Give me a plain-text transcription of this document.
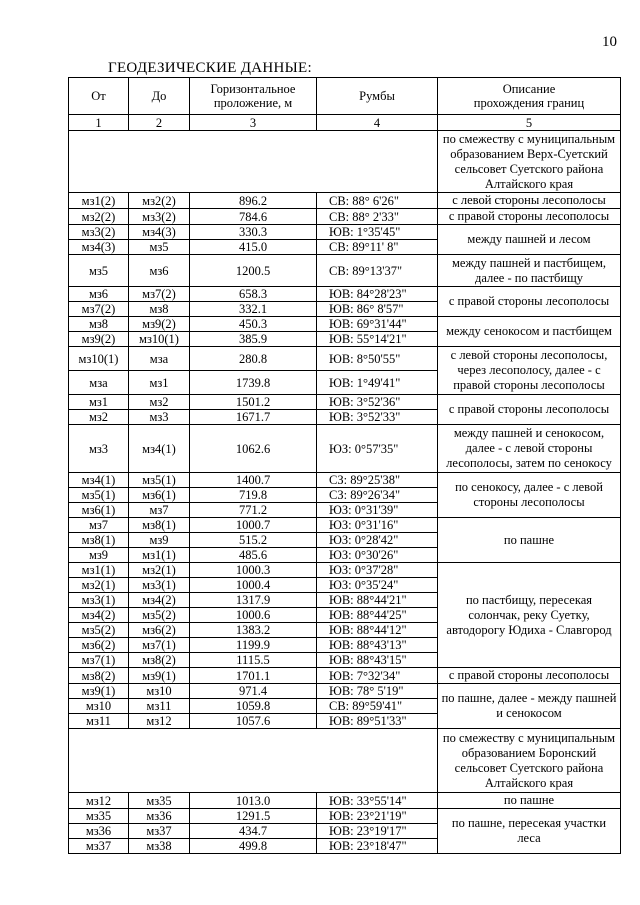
10
ГЕОДЕЗИЧЕСКИЕ ДАННЫЕ:
От	До	Горизонтальное проложение, м	Румбы	Описание
прохождения границ
1	2	3	4	5
				по смежеству с муниципальным образованием Верх-Суетский сельсовет Суетского района Алтайского края
мз1(2)	мз2(2)	896.2	СВ: 88° 6'26"	с левой стороны лесополосы
мз2(2)	мз3(2)	784.6	СВ: 88° 2'33"	с правой стороны лесополосы
мз3(2)	мз4(3)	330.3	ЮВ: 1°35'45"	между пашней и лесом
мз4(3)	мз5	415.0	СВ: 89°11' 8"	
мз5	мз6	1200.5	СВ: 89°13'37"	между пашней и пастбищем, далее - по пастбищу
мз6	мз7(2)	658.3	ЮВ: 84°28'23"	с правой стороны лесополосы
мз7(2)	мз8	332.1	ЮВ: 86° 8'57"	
мз8	мз9(2)	450.3	ЮВ: 69°31'44"	между сенокосом и пастбищем
мз9(2)	мз10(1)	385.9	ЮВ: 55°14'21"	
мз10(1)	мза	280.8	ЮВ: 8°50'55"	с левой стороны лесополосы, через лесополосу, далее - с правой стороны лесополосы
мза	мз1	1739.8	ЮВ: 1°49'41"	
мз1	мз2	1501.2	ЮВ: 3°52'36"	с правой стороны лесополосы
мз2	мз3	1671.7	ЮВ: 3°52'33"	
мз3	мз4(1)	1062.6	ЮЗ: 0°57'35"	между пашней и сенокосом, далее - с левой стороны лесополосы, затем по сенокосу
мз4(1)	мз5(1)	1400.7	СЗ: 89°25'38"	по сенокосу, далее - с левой стороны лесополосы
мз5(1)	мз6(1)	719.8	СЗ: 89°26'34"	
мз6(1)	мз7	771.2	ЮЗ: 0°31'39"	
мз7	мз8(1)	1000.7	ЮЗ: 0°31'16"	по пашне
мз8(1)	мз9	515.2	ЮЗ: 0°28'42"	
мз9	мз1(1)	485.6	ЮЗ: 0°30'26"	
мз1(1)	мз2(1)	1000.3	ЮЗ: 0°37'28"	по пастбищу, пересекая солончак, реку Суетку, автодорогу Юдиха - Славгород
мз2(1)	мз3(1)	1000.4	ЮЗ: 0°35'24"	
мз3(1)	мз4(2)	1317.9	ЮВ: 88°44'21"	
мз4(2)	мз5(2)	1000.6	ЮВ: 88°44'25"	
мз5(2)	мз6(2)	1383.2	ЮВ: 88°44'12"	
мз6(2)	мз7(1)	1199.9	ЮВ: 88°43'13"	
мз7(1)	мз8(2)	1115.5	ЮВ: 88°43'15"	
мз8(2)	мз9(1)	1701.1	ЮВ: 7°32'34"	с правой стороны лесополосы
мз9(1)	мз10	971.4	ЮВ: 78° 5'19"	по пашне, далее - между пашней и сенокосом
мз10	мз11	1059.8	СВ: 89°59'41"	
мз11	мз12	1057.6	ЮВ: 89°51'33"	
				по смежеству с муниципальным образованием Боронский сельсовет Суетского района Алтайского края
мз12	мз35	1013.0	ЮВ: 33°55'14"	по пашне
мз35	мз36	1291.5	ЮВ: 23°21'19"	по пашне, пересекая участки леса
мз36	мз37	434.7	ЮВ: 23°19'17"	
мз37	мз38	499.8	ЮВ: 23°18'47"	
